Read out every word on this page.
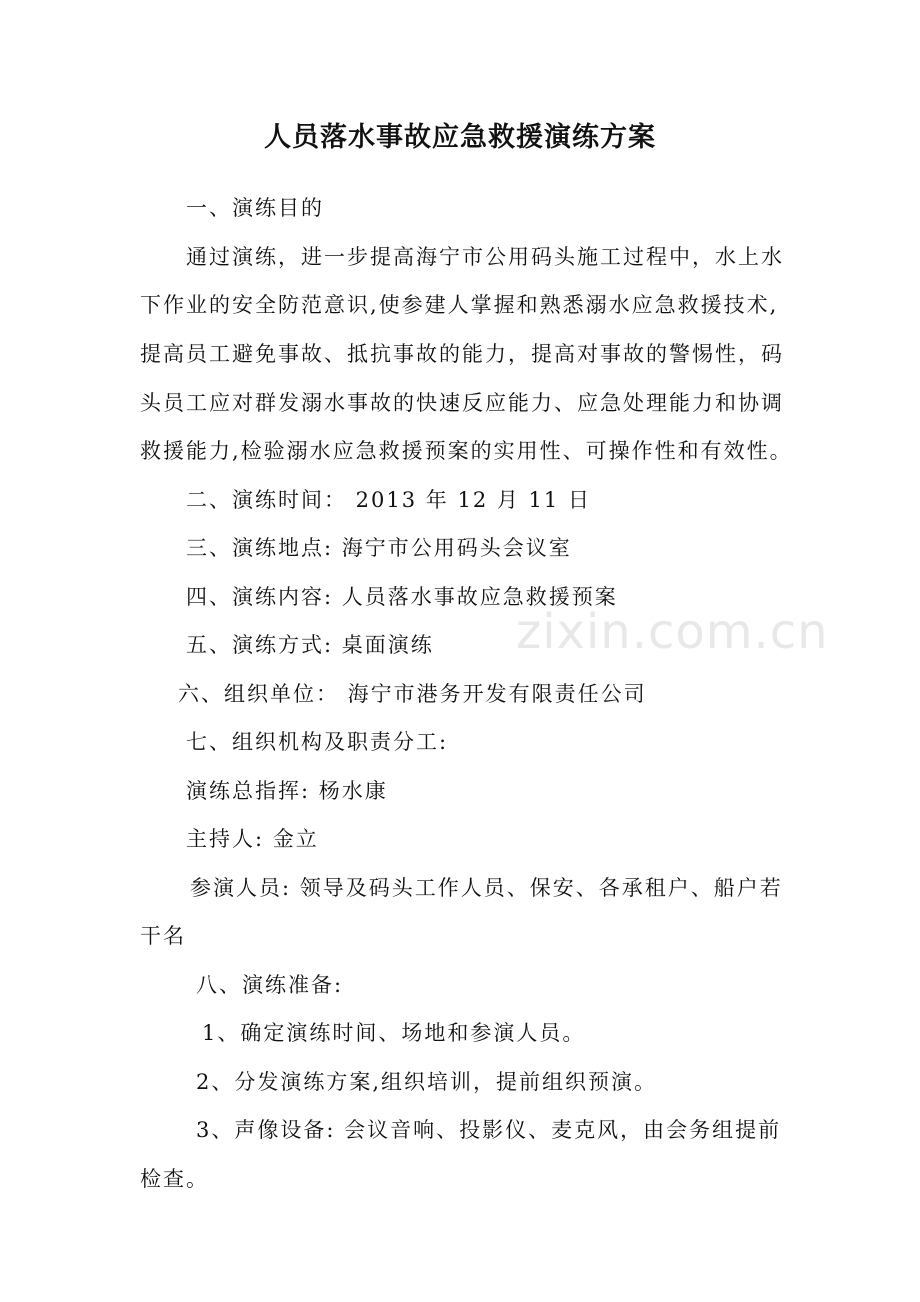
人员落水事故应急救援演练方案
一、演练目的
通过演练，进一步提高海宁市公用码头施工过程中，水上水
下作业的安全防范意识,使参建人掌握和熟悉溺水应急救援技术,
提高员工避免事故、抵抗事故的能力，提高对事故的警惕性，码
头员工应对群发溺水事故的快速反应能力、应急处理能力和协调
救援能力,检验溺水应急救援预案的实用性、可操作性和有效性。
二、演练时间： 2013 年 12 月 11 日
三、演练地点: 海宁市公用码头会议室
四、演练内容: 人员落水事故应急救援预案
五、演练方式: 桌面演练
六、组织单位： 海宁市港务开发有限责任公司
七、组织机构及职责分工:
演练总指挥: 杨水康
主持人: 金立
参演人员: 领导及码头工作人员、保安、各承租户、船户若
干名
八、演练准备:
1、确定演练时间、场地和参演人员。
2、分发演练方案,组织培训，提前组织预演。
3、声像设备: 会议音响、投影仪、麦克风，由会务组提前
检查。
zixin.com.cn
